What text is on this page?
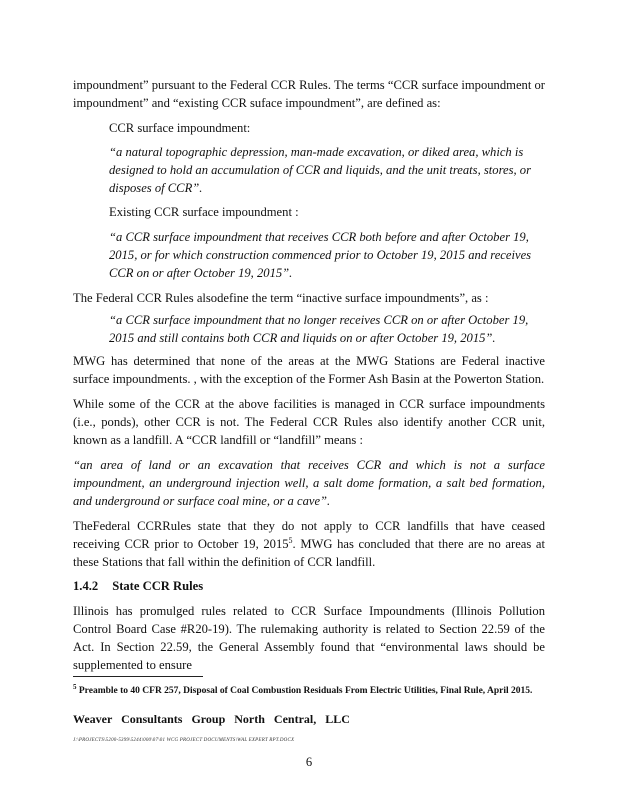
impoundment” pursuant to the Federal CCR Rules. The terms “CCR surface impoundment or impoundment” and “existing CCR suface impoundment”, are defined as:
CCR surface impoundment:
“a natural topographic depression, man-made excavation, or diked area, which is designed to hold an accumulation of CCR and liquids, and the unit treats, stores, or disposes of CCR”.
Existing CCR surface impoundment :
“a CCR surface impoundment that receives CCR both before and after October 19, 2015, or for which construction commenced prior to October 19, 2015 and receives CCR on or after October 19, 2015”.
The Federal CCR Rules alsodefine the term “inactive surface impoundments”, as :
“a CCR surface impoundment that no longer receives CCR on or after October 19, 2015 and still contains both CCR and liquids on or after October 19, 2015”.
MWG has determined that none of the areas at the MWG Stations are Federal inactive surface impoundments. , with the exception of the Former Ash Basin at the Powerton Station.
While some of the CCR at the above facilities is managed in CCR surface impoundments (i.e., ponds), other CCR is not. The Federal CCR Rules also identify another CCR unit, known as a landfill. A “CCR landfill or “landfill” means :
“an area of land or an excavation that receives CCR and which is not a surface impoundment, an underground injection well, a salt dome formation, a salt bed formation, and underground or surface coal mine, or a cave”.
TheFederal CCRRules state that they do not apply to CCR landfills that have ceased receiving CCR prior to October 19, 2015$^5$. MWG has concluded that there are no areas at these Stations that fall within the definition of CCR landfill.
1.4.2 State CCR Rules
Illinois has promulged rules related to CCR Surface Impoundments (Illinois Pollution Control Board Case #R20-19). The rulemaking authority is related to Section 22.59 of the Act. In Section 22.59, the General Assembly found that “environmental laws should be supplemented to ensure
$^5$ Preamble to 40 CFR 257, Disposal of Coal Combustion Residuals From Electric Utilities, Final Rule, April 2015.
Weaver Consultants Group North Central, LLC
J:\PROJECTS\5200-5399\5244\000\07\01 WCG PROJECT DOCUMENTS\WAL EXPERT RPT.DOCX
6
